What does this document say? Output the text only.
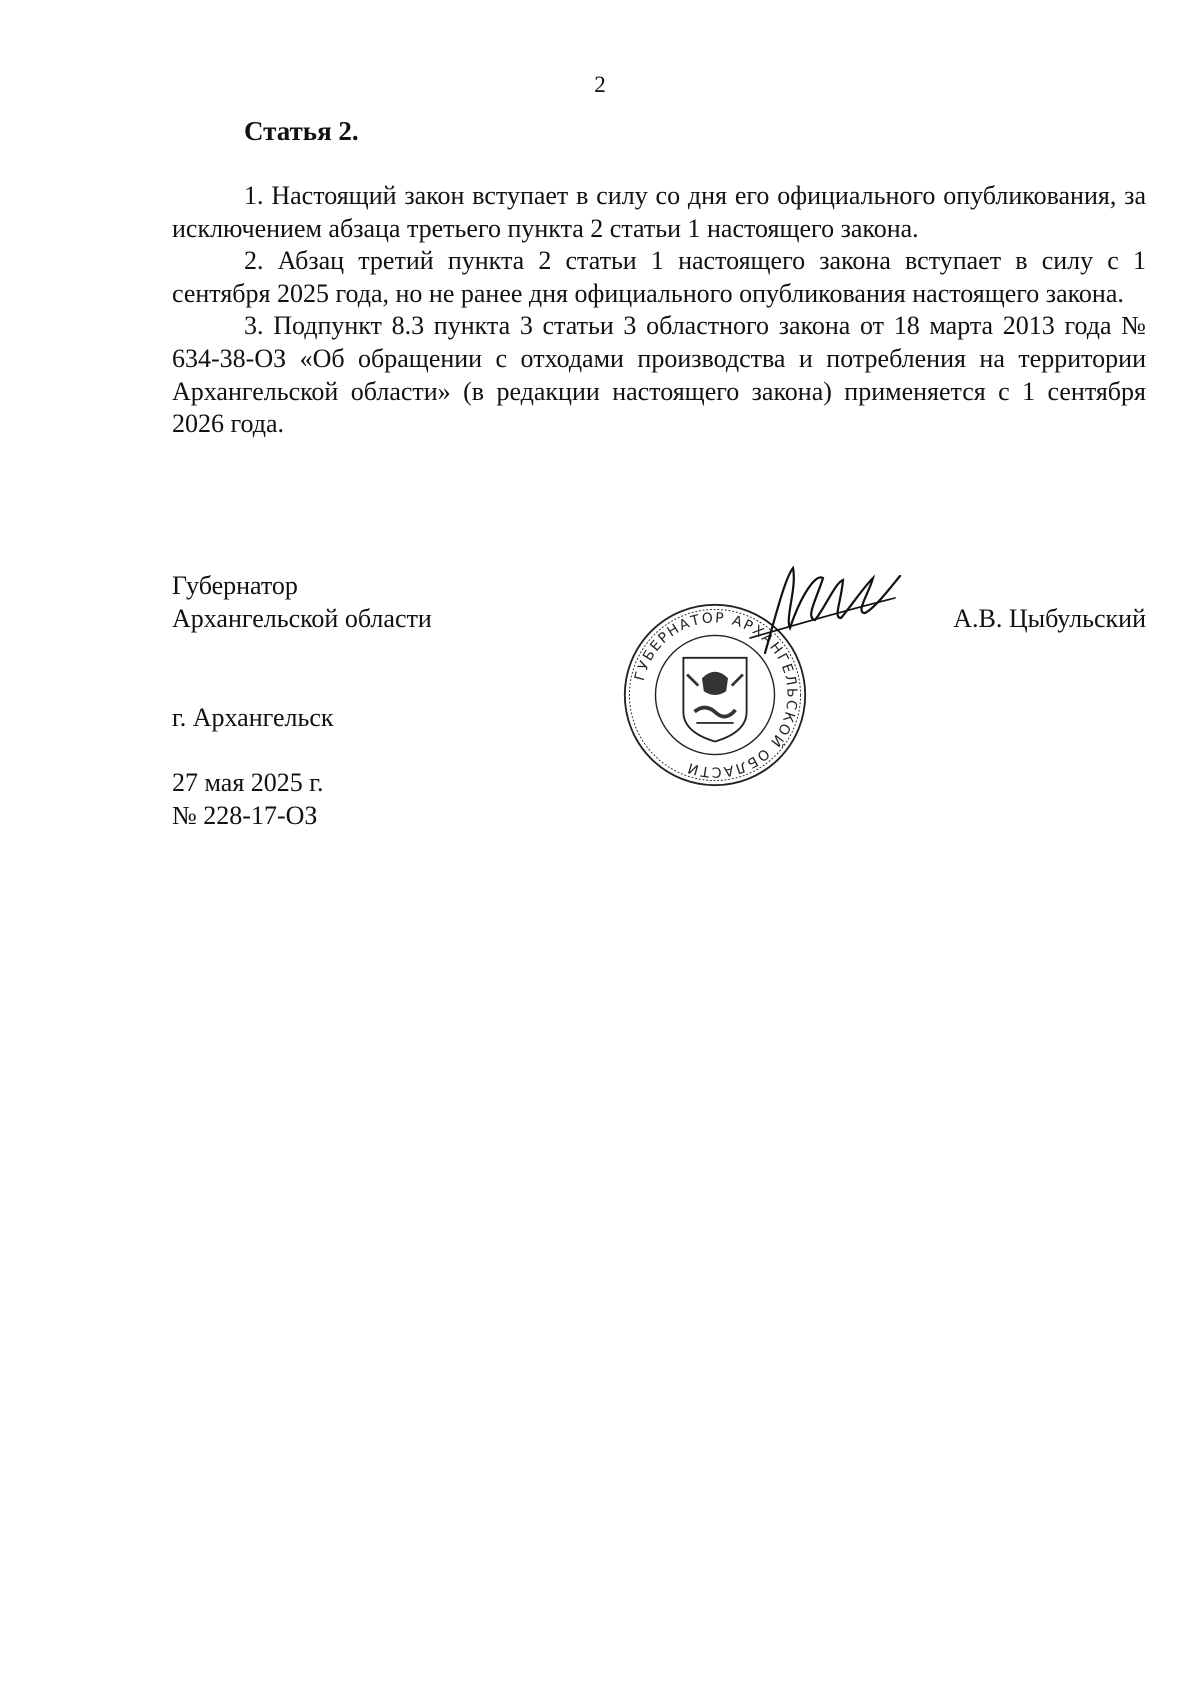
2
Статья 2.

1. Настоящий закон вступает в силу со дня его официального опубликования, за исключением абзаца третьего пункта 2 статьи 1 настоящего закона.

2. Абзац третий пункта 2 статьи 1 настоящего закона вступает в силу с 1 сентября 2025 года, но не ранее дня официального опубликования настоящего закона.

3. Подпункт 8.3 пункта 3 статьи 3 областного закона от 18 марта 2013 года № 634-38-ОЗ «Об обращении с отходами производства и потребления на территории Архангельской области» (в редакции настоящего закона) применяется с 1 сентября 2026 года.

Губернатор
Архангельской области	А.В. Цыбульский
ГУБЕРНАТОР АРХАНГЕЛЬСКОЙ ОБЛАСТИ
г. Архангельск
27 мая 2025 г.
№ 228-17-ОЗ
